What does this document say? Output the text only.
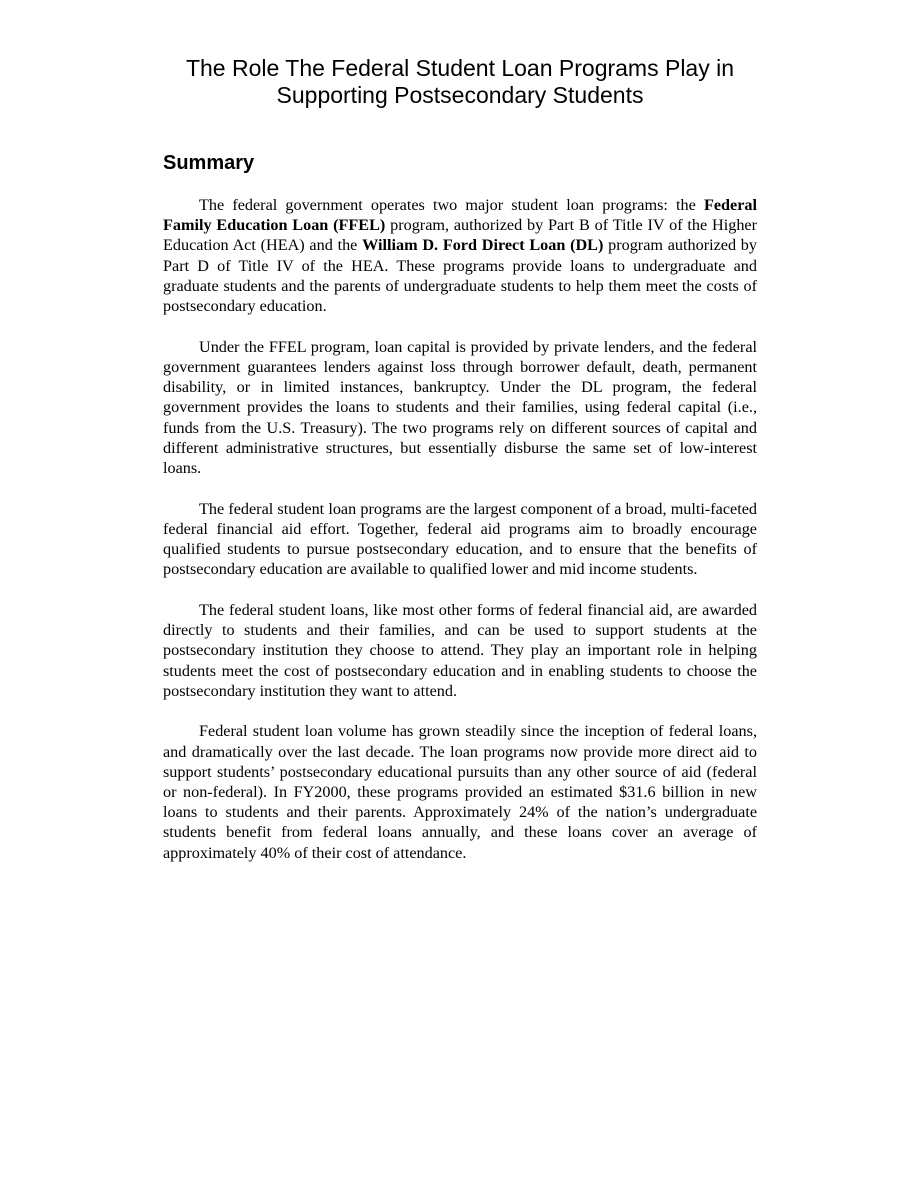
The Role The Federal Student Loan Programs Play in
Supporting Postsecondary Students
Summary

The federal government operates two major student loan programs: the Federal Family Education Loan (FFEL) program, authorized by Part B of Title IV of the Higher Education Act (HEA) and the William D. Ford Direct Loan (DL) program authorized by Part D of Title IV of the HEA. These programs provide loans to undergraduate and graduate students and the parents of undergraduate students to help them meet the costs of postsecondary education.

Under the FFEL program, loan capital is provided by private lenders, and the federal government guarantees lenders against loss through borrower default, death, permanent disability, or in limited instances, bankruptcy. Under the DL program, the federal government provides the loans to students and their families, using federal capital (i.e., funds from the U.S. Treasury). The two programs rely on different sources of capital and different administrative structures, but essentially disburse the same set of low-interest loans.

The federal student loan programs are the largest component of a broad, multi-faceted federal financial aid effort. Together, federal aid programs aim to broadly encourage qualified students to pursue postsecondary education, and to ensure that the benefits of postsecondary education are available to qualified lower and mid income students.

The federal student loans, like most other forms of federal financial aid, are awarded directly to students and their families, and can be used to support students at the postsecondary institution they choose to attend. They play an important role in helping students meet the cost of postsecondary education and in enabling students to choose the postsecondary institution they want to attend.

Federal student loan volume has grown steadily since the inception of federal loans, and dramatically over the last decade. The loan programs now provide more direct aid to support students’ postsecondary educational pursuits than any other source of aid (federal or non-federal). In FY2000, these programs provided an estimated $31.6 billion in new loans to students and their parents. Approximately 24% of the nation’s undergraduate students benefit from federal loans annually, and these loans cover an average of approximately 40% of their cost of attendance.
